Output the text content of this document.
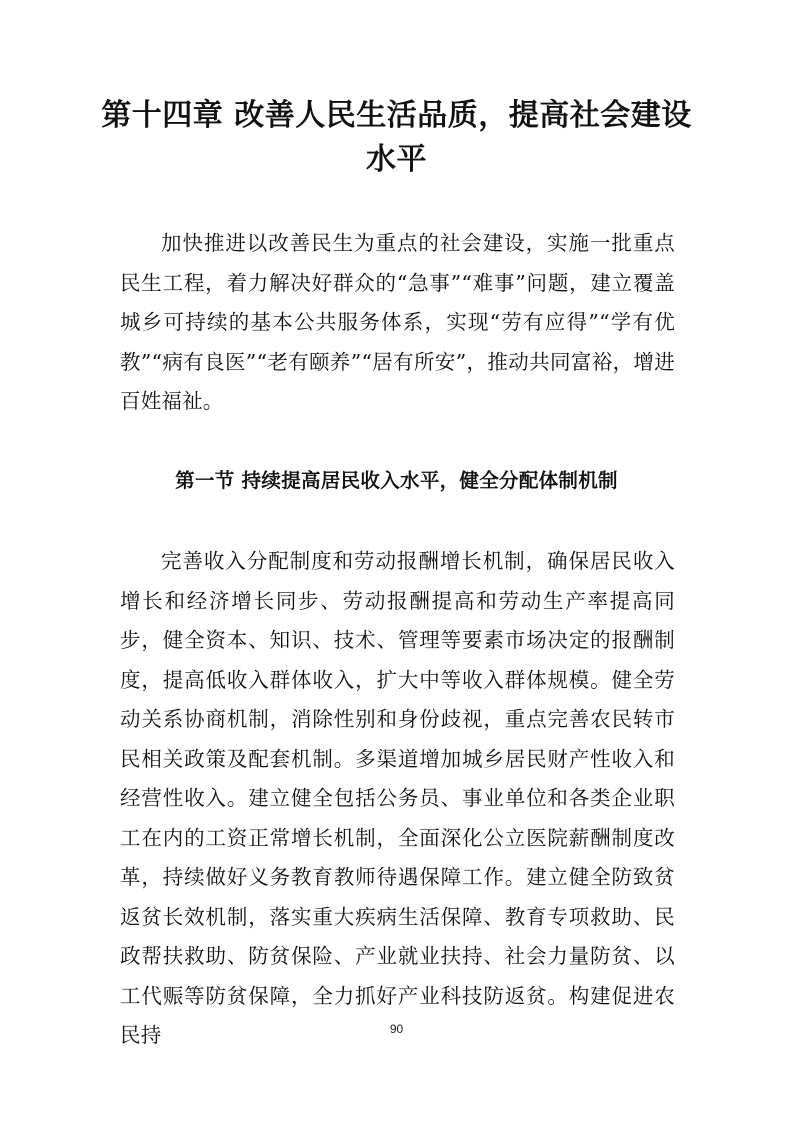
第十四章 改善人民生活品质，提高社会建设水平

加快推进以改善民生为重点的社会建设，实施一批重点民生工程，着力解决好群众的“急事”“难事”问题，建立覆盖城乡可持续的基本公共服务体系，实现“劳有应得”“学有优教”“病有良医”“老有颐养”“居有所安”，推动共同富裕，增进百姓福祉。

第一节 持续提高居民收入水平，健全分配体制机制

完善收入分配制度和劳动报酬增长机制，确保居民收入增长和经济增长同步、劳动报酬提高和劳动生产率提高同步，健全资本、知识、技术、管理等要素市场决定的报酬制度，提高低收入群体收入，扩大中等收入群体规模。健全劳动关系协商机制，消除性别和身份歧视，重点完善农民转市民相关政策及配套机制。多渠道增加城乡居民财产性收入和经营性收入。建立健全包括公务员、事业单位和各类企业职工在内的工资正常增长机制，全面深化公立医院薪酬制度改革，持续做好义务教育教师待遇保障工作。建立健全防致贫返贫长效机制，落实重大疾病生活保障、教育专项救助、民政帮扶救助、防贫保险、产业就业扶持、社会力量防贫、以工代赈等防贫保障，全力抓好产业科技防返贫。构建促进农民持	90
